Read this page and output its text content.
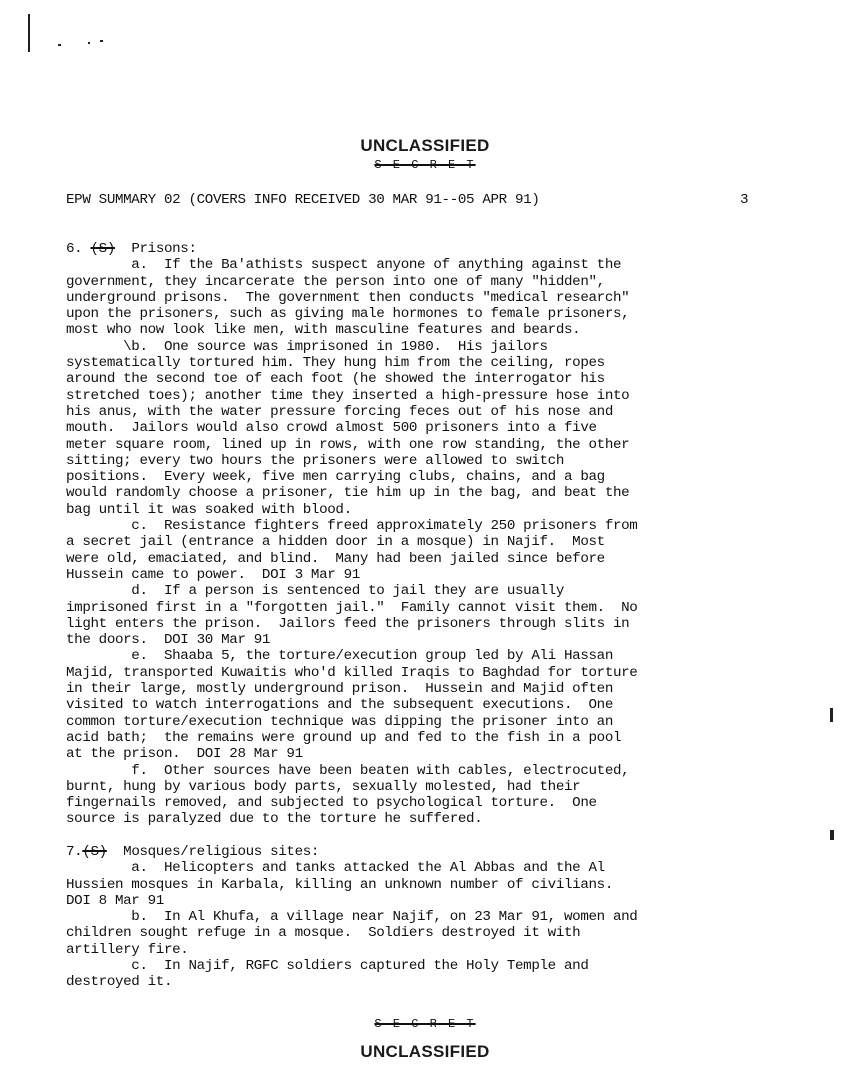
UNCLASSIFIED
S E C R E T
EPW SUMMARY 02 (COVERS INFO RECEIVED 30 MAR 91--05 APR 91)	3
6. (S) Prisons:
a.  If the Ba'athists suspect anyone of anything against the
government, they incarcerate the person into one of many "hidden",
underground prisons.  The government then conducts "medical research"
upon the prisoners, such as giving male hormones to female prisoners,
most who now look like men, with masculine features and beards.
\b.  One source was imprisoned in 1980.  His jailors
systematically tortured him. They hung him from the ceiling, ropes
around the second toe of each foot (he showed the interrogator his
stretched toes); another time they inserted a high-pressure hose into
his anus, with the water pressure forcing feces out of his nose and
mouth.  Jailors would also crowd almost 500 prisoners into a five
meter square room, lined up in rows, with one row standing, the other
sitting; every two hours the prisoners were allowed to switch
positions.  Every week, five men carrying clubs, chains, and a bag
would randomly choose a prisoner, tie him up in the bag, and beat the
bag until it was soaked with blood.
c.  Resistance fighters freed approximately 250 prisoners from
a secret jail (entrance a hidden door in a mosque) in Najif.  Most
were old, emaciated, and blind.  Many had been jailed since before
Hussein came to power.  DOI 3 Mar 91
d.  If a person is sentenced to jail they are usually
imprisoned first in a "forgotten jail."  Family cannot visit them.  No
light enters the prison.  Jailors feed the prisoners through slits in
the doors.  DOI 30 Mar 91
e.  Shaaba 5, the torture/execution group led by Ali Hassan
Majid, transported Kuwaitis who'd killed Iraqis to Baghdad for torture
in their large, mostly underground prison.  Hussein and Majid often
visited to watch interrogations and the subsequent executions.  One
common torture/execution technique was dipping the prisoner into an
acid bath;  the remains were ground up and fed to the fish in a pool
at the prison.  DOI 28 Mar 91
f.  Other sources have been beaten with cables, electrocuted,
burnt, hung by various body parts, sexually molested, had their
fingernails removed, and subjected to psychological torture.  One
source is paralyzed due to the torture he suffered.

7.(S) Mosques/religious sites:
a.  Helicopters and tanks attacked the Al Abbas and the Al
Hussien mosques in Karbala, killing an unknown number of civilians.
DOI 8 Mar 91
b.  In Al Khufa, a village near Najif, on 23 Mar 91, women and
children sought refuge in a mosque.  Soldiers destroyed it with
artillery fire.
c.  In Najif, RGFC soldiers captured the Holy Temple and
destroyed it.
S E C R E T
UNCLASSIFIED
